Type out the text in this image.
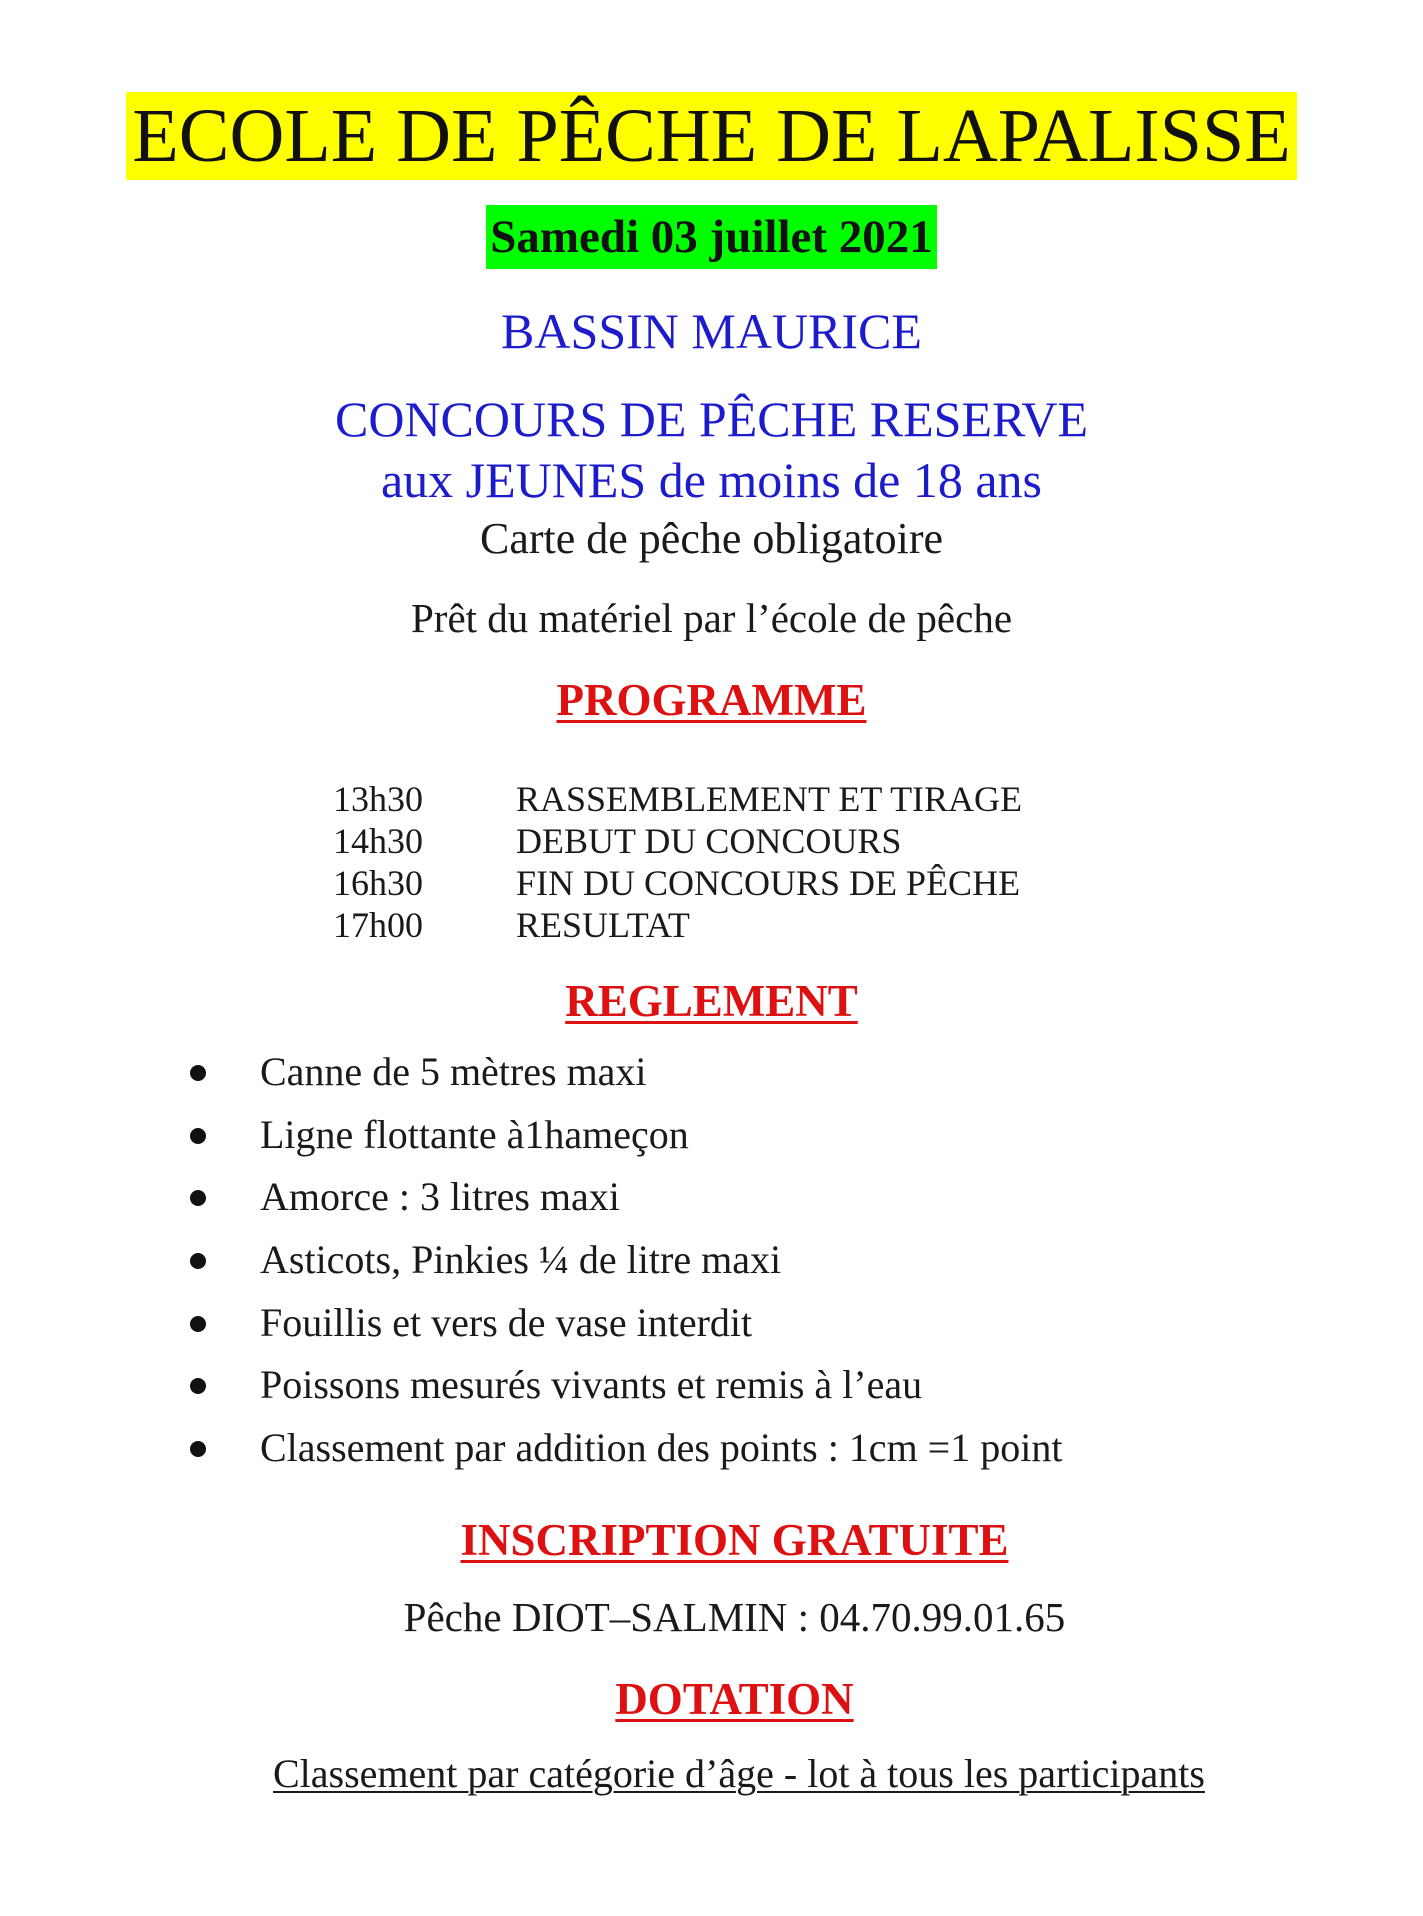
ECOLE DE PÊCHE DE LAPALISSE
Samedi 03 juillet 2021
BASSIN MAURICE
CONCOURS DE PÊCHE RESERVE
aux JEUNES de moins de 18 ans
Carte de pêche obligatoire
Prêt du matériel par l’école de pêche
PROGRAMME
13h30	RASSEMBLEMENT ET TIRAGE
14h30	DEBUT DU CONCOURS
16h30	FIN DU CONCOURS DE PÊCHE
17h00	RESULTAT
REGLEMENT
Canne de 5 mètres maxi
Ligne flottante à1hameçon
Amorce : 3 litres maxi
Asticots, Pinkies ¼ de litre maxi
Fouillis et vers de vase interdit
Poissons mesurés vivants et remis à l’eau
Classement par addition des points : 1cm =1 point
INSCRIPTION GRATUITE
Pêche DIOT–SALMIN : 04.70.99.01.65
DOTATION
Classement par catégorie d’âge - lot à tous les participants
